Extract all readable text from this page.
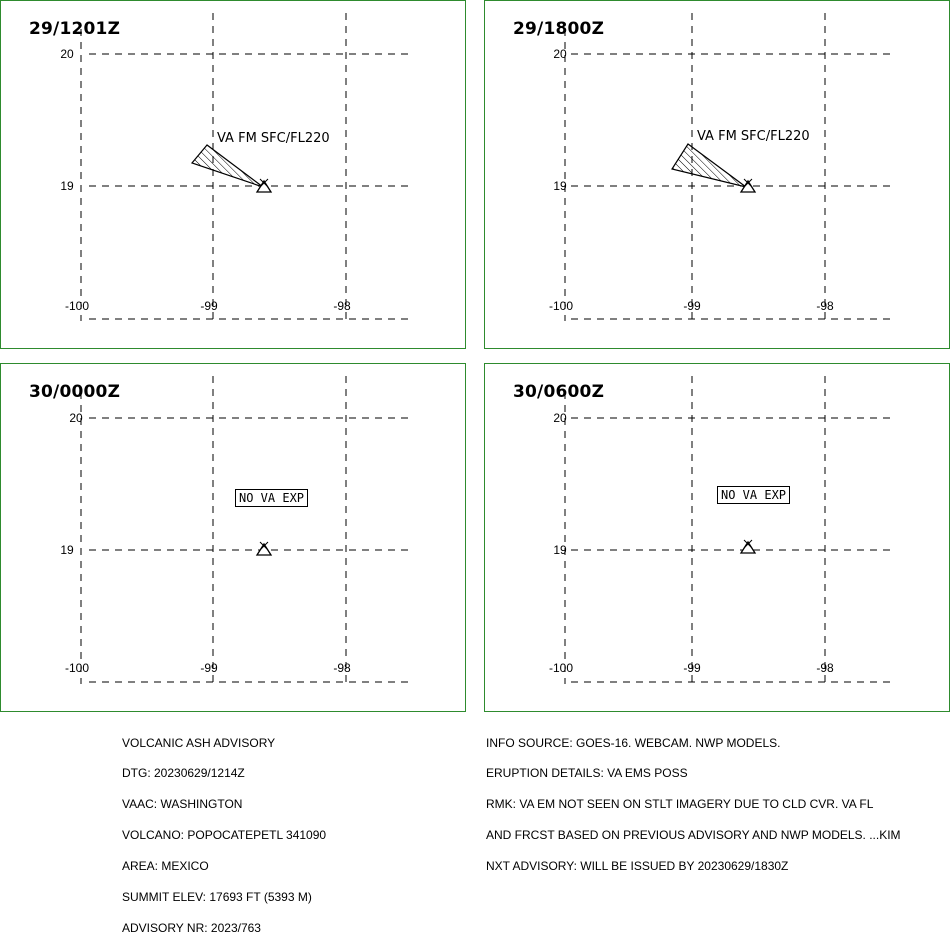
20
19
-100	-99	-98
VA FM SFC/FL220
29/1201Z
20
19
-100	-99	-98
VA FM SFC/FL220
29/1800Z
20
19
-100	-99	-98
30/0000Z
NO VA EXP
20
19
-100	-99	-98
30/0600Z
NO VA EXP

VOLCANIC ASH ADVISORY

DTG: 20230629/1214Z

VAAC: WASHINGTON

VOLCANO: POPOCATEPETL 341090

AREA: MEXICO

SUMMIT ELEV: 17693 FT (5393 M)

ADVISORY NR: 2023/763

INFO SOURCE: GOES-16. WEBCAM. NWP MODELS.

ERUPTION DETAILS: VA EMS POSS

RMK: VA EM NOT SEEN ON STLT IMAGERY DUE TO CLD CVR. VA FL

AND FRCST BASED ON PREVIOUS ADVISORY AND NWP MODELS. ...KIM

NXT ADVISORY: WILL BE ISSUED BY 20230629/1830Z
